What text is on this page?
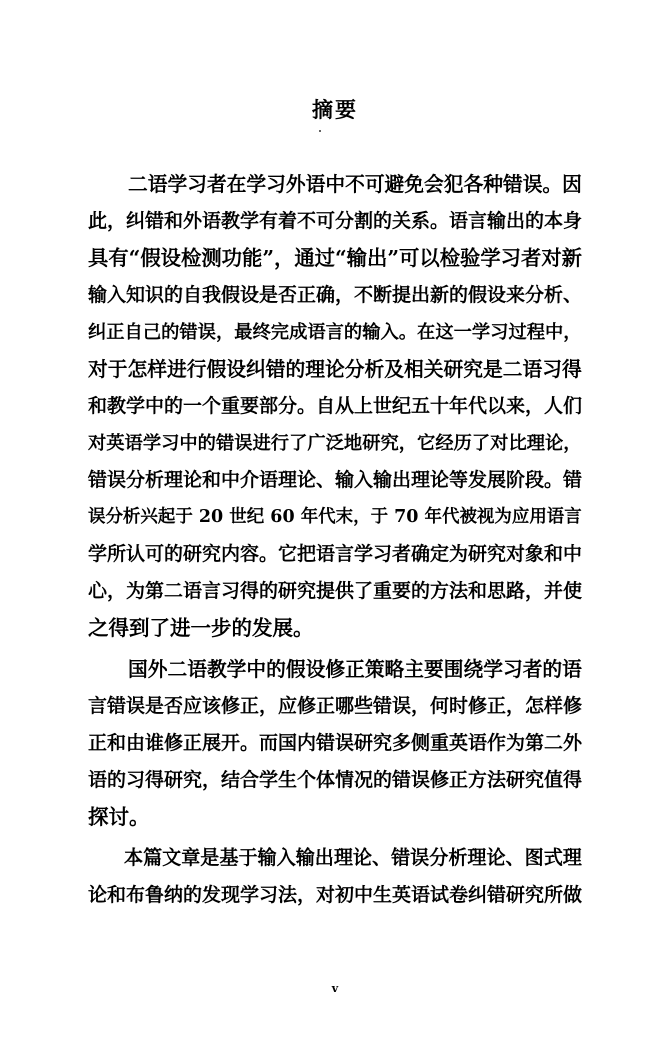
摘要
二语学习者在学习外语中不可避免会犯各种错误。因
此，纠错和外语教学有着不可分割的关系。语言输出的本身
具有“假设检测功能”，通过“输出”可以检验学习者对新
输入知识的自我假设是否正确，不断提出新的假设来分析、
纠正自己的错误，最终完成语言的输入。在这一学习过程中，
对于怎样进行假设纠错的理论分析及相关研究是二语习得
和教学中的一个重要部分。自从上世纪五十年代以来，人们
对英语学习中的错误进行了广泛地研究，它经历了对比理论，
错误分析理论和中介语理论、输入输出理论等发展阶段。错
误分析兴起于 20 世纪 60 年代末，于 70 年代被视为应用语言
学所认可的研究内容。它把语言学习者确定为研究对象和中
心，为第二语言习得的研究提供了重要的方法和思路，并使
之得到了进一步的发展。
国外二语教学中的假设修正策略主要围绕学习者的语
言错误是否应该修正，应修正哪些错误，何时修正，怎样修
正和由谁修正展开。而国内错误研究多侧重英语作为第二外
语的习得研究，结合学生个体情况的错误修正方法研究值得
探讨。
本篇文章是基于输入输出理论、错误分析理论、图式理
论和布鲁纳的发现学习法，对初中生英语试卷纠错研究所做
v
